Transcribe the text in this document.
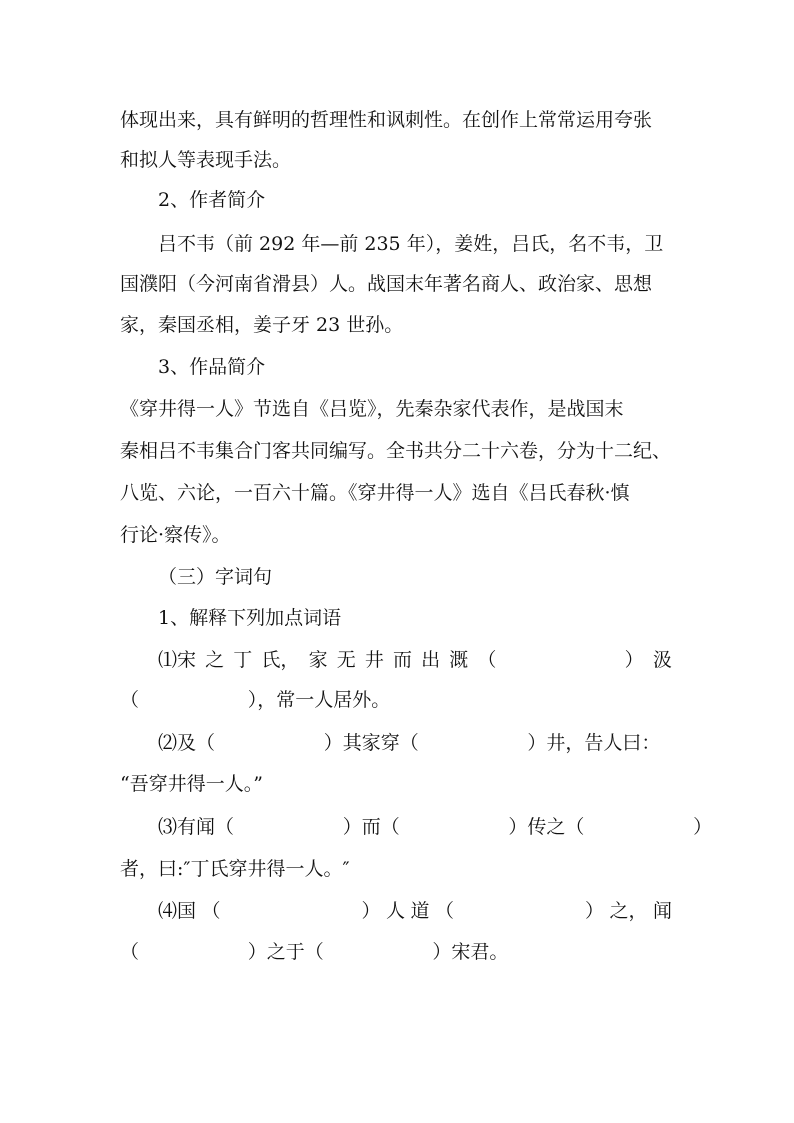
体现出来，具有鲜明的哲理性和讽刺性。在创作上常常运用夸张
和拟人等表现手法。
2、作者简介
吕不韦（前 292 年—前 235 年），姜姓，吕氏，名不韦，卫
国濮阳（今河南省滑县）人。战国末年著名商人、政治家、思想
家，秦国丞相，姜子牙 23 世孙。
3、作品简介
《穿井得一人》节选自《吕览》，先秦杂家代表作，是战国末
秦相吕不韦集合门客共同编写。全书共分二十六卷，分为十二纪、
八览、六论，一百六十篇。《穿井得一人》选自《吕氏春秋·慎
行论·察传》。
（三）字词句
1、解释下列加点词语
⑴宋 之 丁 氏， 家 无 井 而 出 溉 （	） 汲
（                  ），常一人居外。
⑵及（                  ）其家穿（                  ）井，告人曰：
“吾穿井得一人。”
⑶有闻（                  ）而（                  ）传之（                  ）
者，曰:″丁氏穿井得一人。″
⑷国 （	） 人 道 （	） 之， 闻
（                  ）之于（                  ）宋君。
